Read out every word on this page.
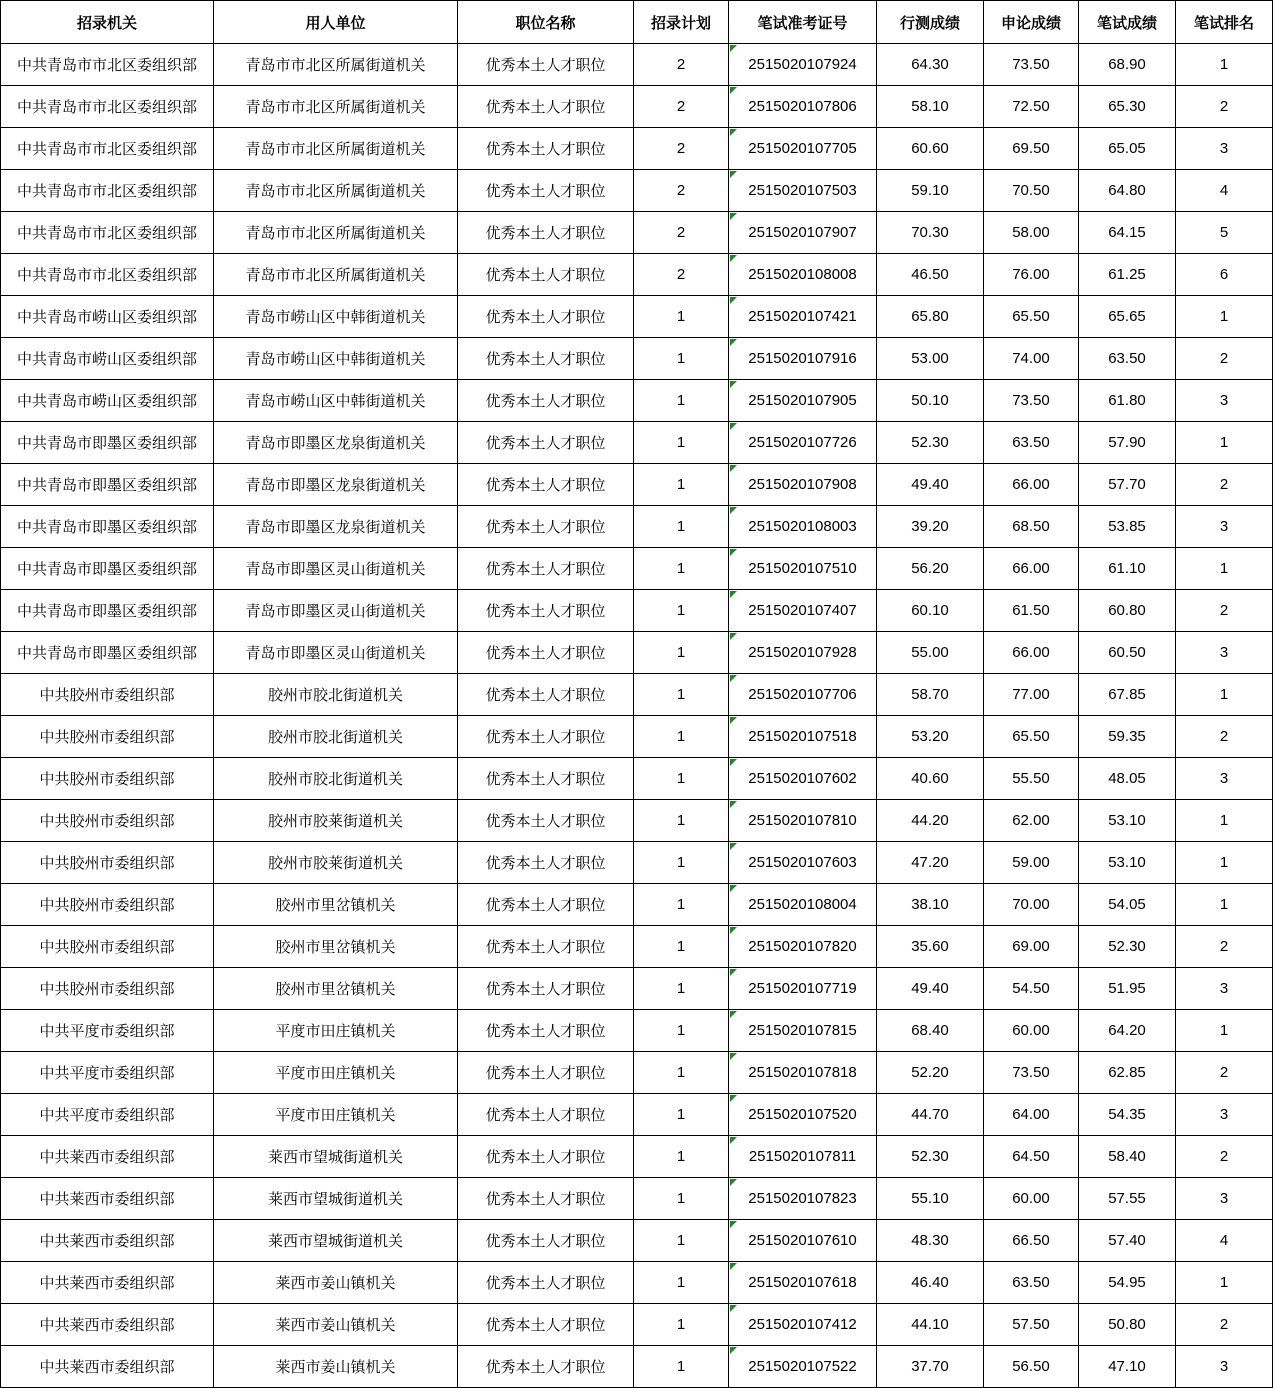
招录机关	用人单位	职位名称	招录计划	笔试准考证号	行测成绩	申论成绩	笔试成绩	笔试排名
中共青岛市市北区委组织部	青岛市市北区所属街道机关	优秀本土人才职位	2	2515020107924	64.30	73.50	68.90	1
中共青岛市市北区委组织部	青岛市市北区所属街道机关	优秀本土人才职位	2	2515020107806	58.10	72.50	65.30	2
中共青岛市市北区委组织部	青岛市市北区所属街道机关	优秀本土人才职位	2	2515020107705	60.60	69.50	65.05	3
中共青岛市市北区委组织部	青岛市市北区所属街道机关	优秀本土人才职位	2	2515020107503	59.10	70.50	64.80	4
中共青岛市市北区委组织部	青岛市市北区所属街道机关	优秀本土人才职位	2	2515020107907	70.30	58.00	64.15	5
中共青岛市市北区委组织部	青岛市市北区所属街道机关	优秀本土人才职位	2	2515020108008	46.50	76.00	61.25	6
中共青岛市崂山区委组织部	青岛市崂山区中韩街道机关	优秀本土人才职位	1	2515020107421	65.80	65.50	65.65	1
中共青岛市崂山区委组织部	青岛市崂山区中韩街道机关	优秀本土人才职位	1	2515020107916	53.00	74.00	63.50	2
中共青岛市崂山区委组织部	青岛市崂山区中韩街道机关	优秀本土人才职位	1	2515020107905	50.10	73.50	61.80	3
中共青岛市即墨区委组织部	青岛市即墨区龙泉街道机关	优秀本土人才职位	1	2515020107726	52.30	63.50	57.90	1
中共青岛市即墨区委组织部	青岛市即墨区龙泉街道机关	优秀本土人才职位	1	2515020107908	49.40	66.00	57.70	2
中共青岛市即墨区委组织部	青岛市即墨区龙泉街道机关	优秀本土人才职位	1	2515020108003	39.20	68.50	53.85	3
中共青岛市即墨区委组织部	青岛市即墨区灵山街道机关	优秀本土人才职位	1	2515020107510	56.20	66.00	61.10	1
中共青岛市即墨区委组织部	青岛市即墨区灵山街道机关	优秀本土人才职位	1	2515020107407	60.10	61.50	60.80	2
中共青岛市即墨区委组织部	青岛市即墨区灵山街道机关	优秀本土人才职位	1	2515020107928	55.00	66.00	60.50	3
中共胶州市委组织部	胶州市胶北街道机关	优秀本土人才职位	1	2515020107706	58.70	77.00	67.85	1
中共胶州市委组织部	胶州市胶北街道机关	优秀本土人才职位	1	2515020107518	53.20	65.50	59.35	2
中共胶州市委组织部	胶州市胶北街道机关	优秀本土人才职位	1	2515020107602	40.60	55.50	48.05	3
中共胶州市委组织部	胶州市胶莱街道机关	优秀本土人才职位	1	2515020107810	44.20	62.00	53.10	1
中共胶州市委组织部	胶州市胶莱街道机关	优秀本土人才职位	1	2515020107603	47.20	59.00	53.10	1
中共胶州市委组织部	胶州市里岔镇机关	优秀本土人才职位	1	2515020108004	38.10	70.00	54.05	1
中共胶州市委组织部	胶州市里岔镇机关	优秀本土人才职位	1	2515020107820	35.60	69.00	52.30	2
中共胶州市委组织部	胶州市里岔镇机关	优秀本土人才职位	1	2515020107719	49.40	54.50	51.95	3
中共平度市委组织部	平度市田庄镇机关	优秀本土人才职位	1	2515020107815	68.40	60.00	64.20	1
中共平度市委组织部	平度市田庄镇机关	优秀本土人才职位	1	2515020107818	52.20	73.50	62.85	2
中共平度市委组织部	平度市田庄镇机关	优秀本土人才职位	1	2515020107520	44.70	64.00	54.35	3
中共莱西市委组织部	莱西市望城街道机关	优秀本土人才职位	1	2515020107811	52.30	64.50	58.40	2
中共莱西市委组织部	莱西市望城街道机关	优秀本土人才职位	1	2515020107823	55.10	60.00	57.55	3
中共莱西市委组织部	莱西市望城街道机关	优秀本土人才职位	1	2515020107610	48.30	66.50	57.40	4
中共莱西市委组织部	莱西市姜山镇机关	优秀本土人才职位	1	2515020107618	46.40	63.50	54.95	1
中共莱西市委组织部	莱西市姜山镇机关	优秀本土人才职位	1	2515020107412	44.10	57.50	50.80	2
中共莱西市委组织部	莱西市姜山镇机关	优秀本土人才职位	1	2515020107522	37.70	56.50	47.10	3
